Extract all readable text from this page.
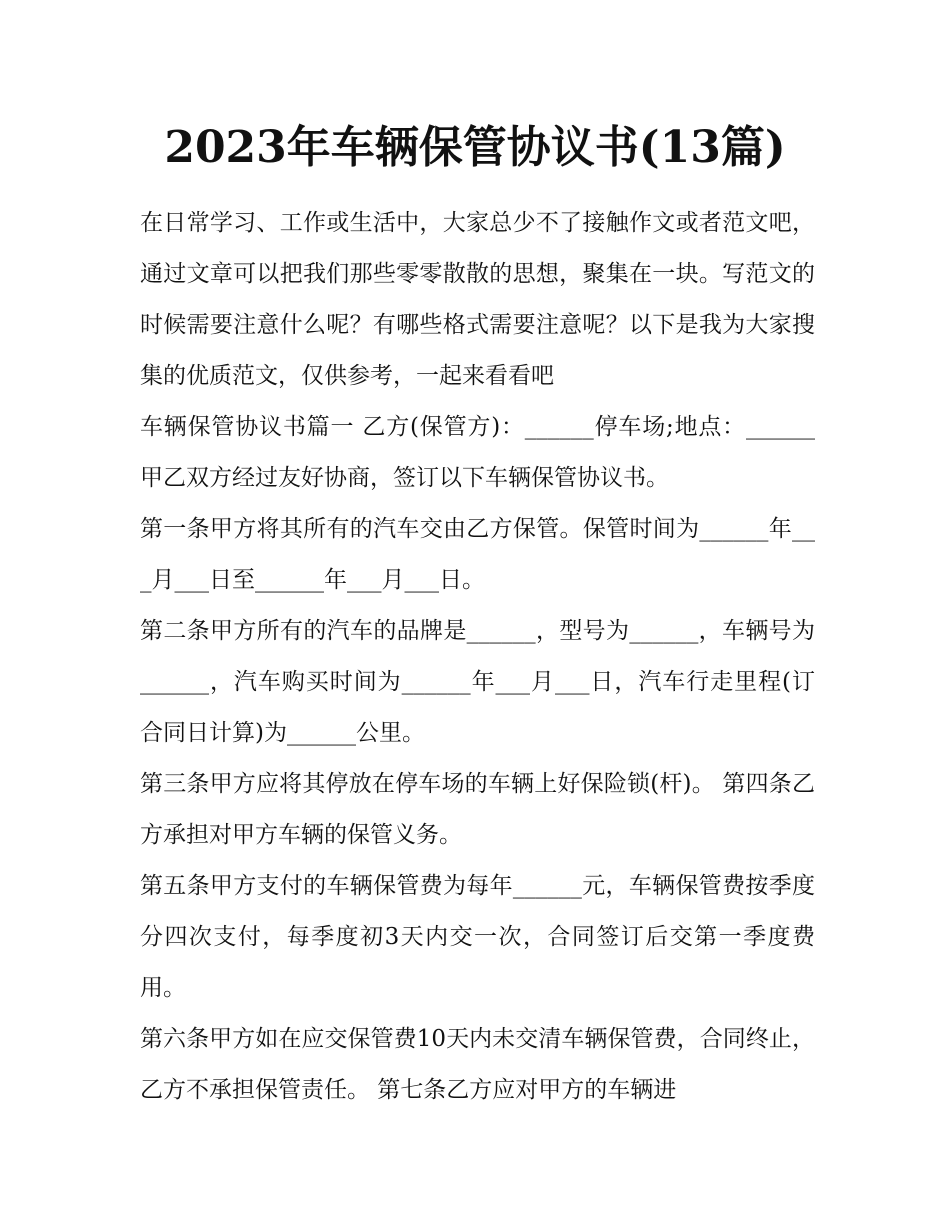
2023年车辆保管协议书(13篇)

在日常学习、工作或生活中，大家总少不了接触作文或者范文吧，通过文章可以把我们那些零零散散的思想，聚集在一块。写范文的时候需要注意什么呢？有哪些格式需要注意呢？以下是我为大家搜集的优质范文，仅供参考，一起来看看吧

车辆保管协议书篇一 乙方(保管方)：______停车场;地点：______ 甲乙双方经过友好协商，签订以下车辆保管协议书。

第一条甲方将其所有的汽车交由乙方保管。保管时间为______年___月___日至______年___月___日。

第二条甲方所有的汽车的品牌是______，型号为______，车辆号为______，汽车购买时间为______年___月___日，汽车行走里程(订合同日计算)为______公里。

第三条甲方应将其停放在停车场的车辆上好保险锁(杆)。 第四条乙方承担对甲方车辆的保管义务。

第五条甲方支付的车辆保管费为每年______元，车辆保管费按季度分四次支付，每季度初3天内交一次，合同签订后交第一季度费用。

第六条甲方如在应交保管费10天内未交清车辆保管费，合同终止，乙方不承担保管责任。 第七条乙方应对甲方的车辆进
